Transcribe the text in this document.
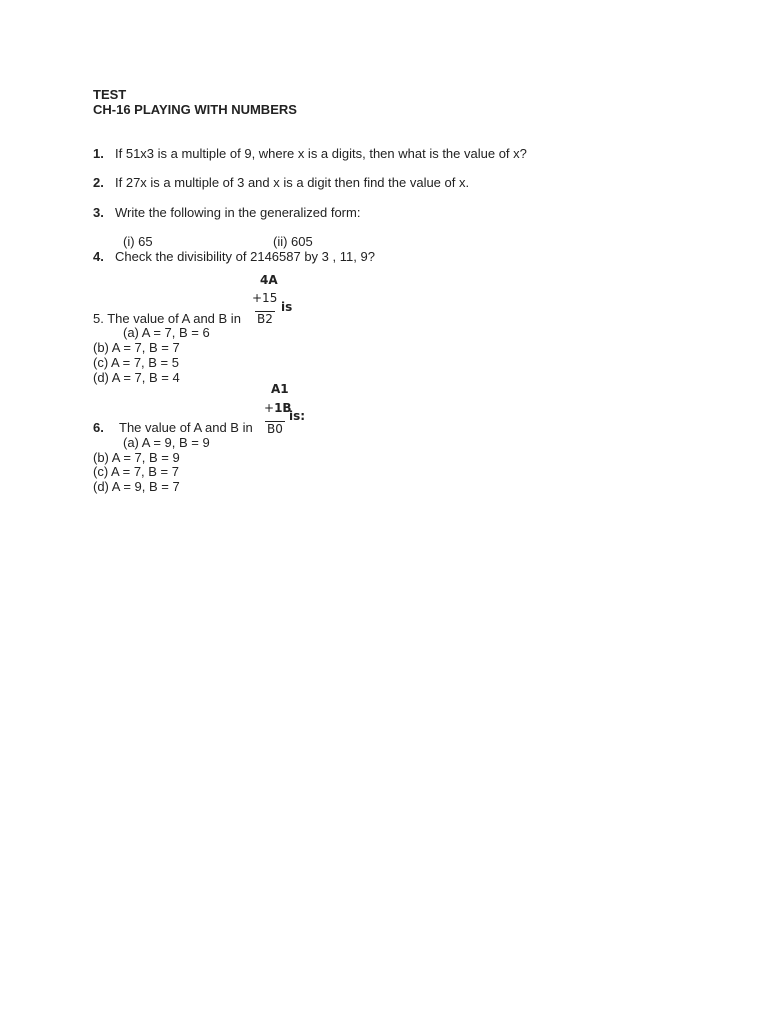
TEST
CH-16 PLAYING WITH NUMBERS
1. If 51x3 is a multiple of 9, where x is a digits, then what is the value of x?
2. If 27x is a multiple of 3 and x is a digit then find the value of x.
3. Write the following in the generalized form:
(i) 65	(ii) 605
4. Check the divisibility of 2146587 by 3 , 11, 9?
4A
+15
B2
is
5. The value of A and B in
(a) A = 7, B = 6
(b) A = 7, B = 7
(c) A = 7, B = 5
(d) A = 7, B = 4
A1
+1B
B0
is:
6. The value of A and B in
(a) A = 9, B = 9
(b) A = 7, B = 9
(c) A = 7, B = 7
(d) A = 9, B = 7
